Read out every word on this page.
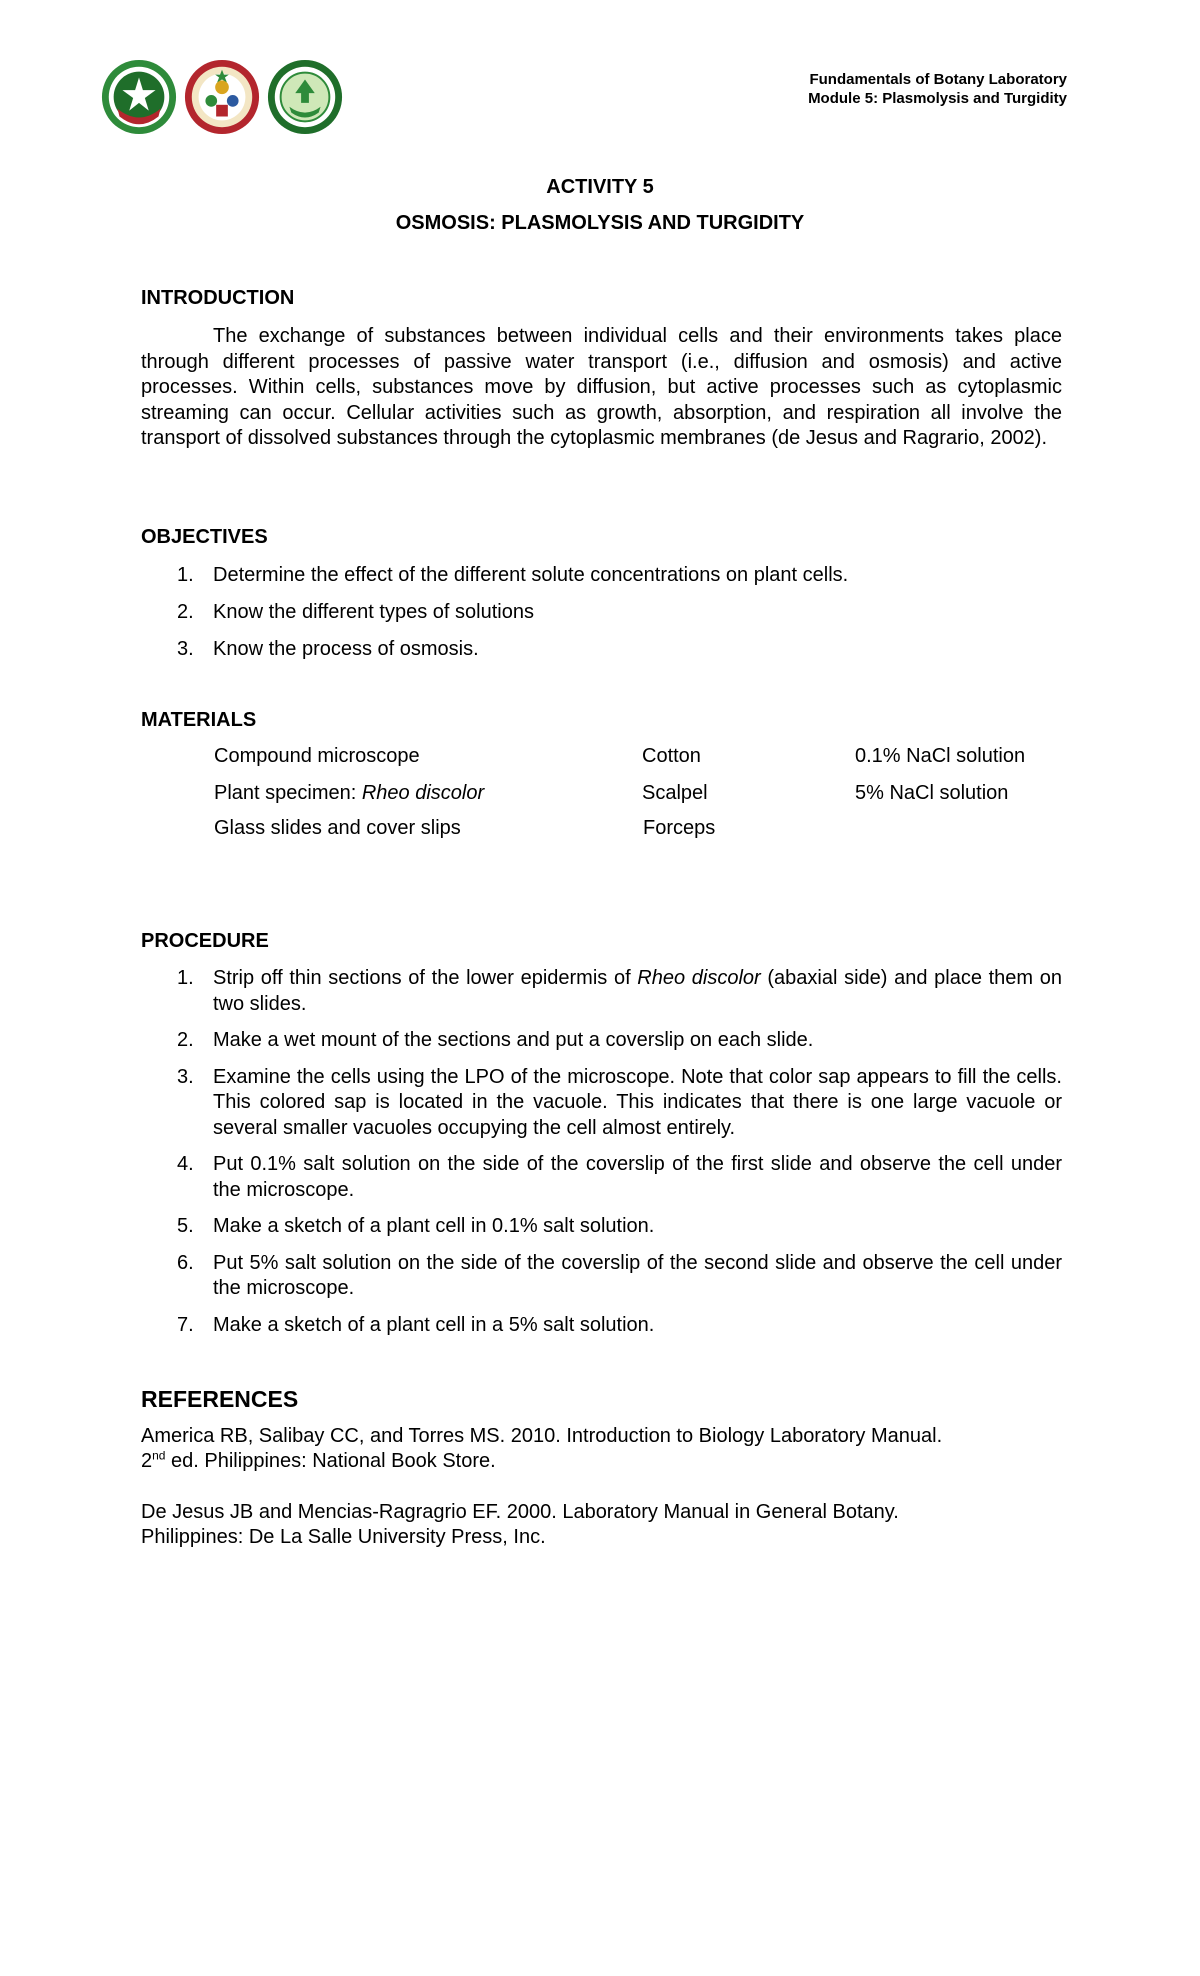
Fundamentals of Botany Laboratory
Module 5: Plasmolysis and Turgidity
ACTIVITY 5
OSMOSIS: PLASMOLYSIS AND TURGIDITY
INTRODUCTION

The exchange of substances between individual cells and their environments takes place through different processes of passive water transport (i.e., diffusion and osmosis) and active processes. Within cells, substances move by diffusion, but active processes such as cytoplasmic streaming can occur. Cellular activities such as growth, absorption, and respiration all involve the transport of dissolved substances through the cytoplasmic membranes (de Jesus and Ragrario, 2002).

OBJECTIVES
1. Determine the effect of the different solute concentrations on plant cells.
2. Know the different types of solutions
3. Know the process of osmosis.
MATERIALS
Compound microscope
Plant specimen: Rheo discolor
Glass slides and cover slips
Cotton
Scalpel
Forceps
0.1% NaCl solution
5% NaCl solution
PROCEDURE
1. Strip off thin sections of the lower epidermis of Rheo discolor (abaxial side) and place them on two slides.
2. Make a wet mount of the sections and put a coverslip on each slide.
3. Examine the cells using the LPO of the microscope. Note that color sap appears to fill the cells. This colored sap is located in the vacuole. This indicates that there is one large vacuole or several smaller vacuoles occupying the cell almost entirely.
4. Put 0.1% salt solution on the side of the coverslip of the first slide and observe the cell under the microscope.
5. Make a sketch of a plant cell in 0.1% salt solution.
6. Put 5% salt solution on the side of the coverslip of the second slide and observe the cell under the microscope.
7. Make a sketch of a plant cell in a 5% salt solution.
REFERENCES

America RB, Salibay CC, and Torres MS. 2010. Introduction to Biology Laboratory Manual.
2nd ed. Philippines: National Book Store.

De Jesus JB and Mencias-Ragragrio EF. 2000. Laboratory Manual in General Botany.
Philippines: De La Salle University Press, Inc.
